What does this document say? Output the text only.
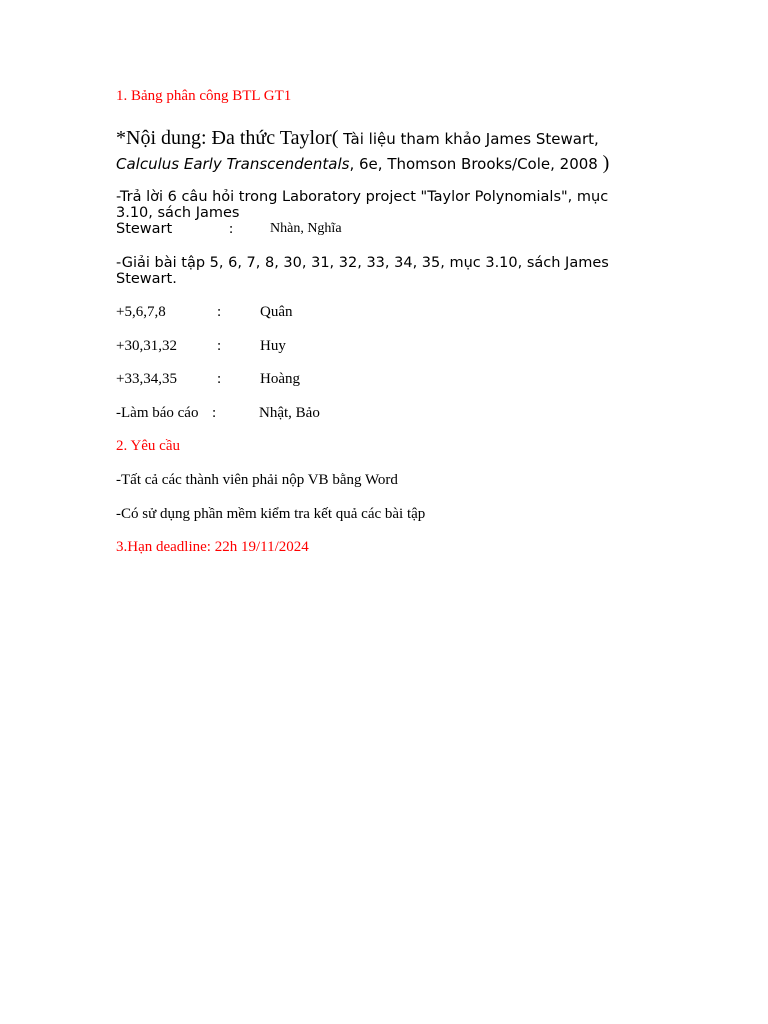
1. Bảng phân công BTL GT1
*Nội dung: Đa thức Taylor( Tài liệu tham khảo James Stewart,
Calculus Early Transcendentals, 6e, Thomson Brooks/Cole, 2008 )
-Trả lời 6 câu hỏi trong Laboratory project "Taylor Polynomials", mục
3.10, sách James
Stewart	:	Nhàn, Nghĩa
-Giải bài tập 5, 6, 7, 8, 30, 31, 32, 33, 34, 35, mục 3.10, sách James
Stewart.
+5,6,7,8	:	Quân
+30,31,32	:	Huy
+33,34,35	:	Hoàng
-Làm báo cáo :	Nhật, Bảo
2. Yêu cầu
-Tất cả các thành viên phải nộp VB bằng Word
-Có sử dụng phần mềm kiểm tra kết quả các bài tập
3.Hạn deadline: 22h 19/11/2024
